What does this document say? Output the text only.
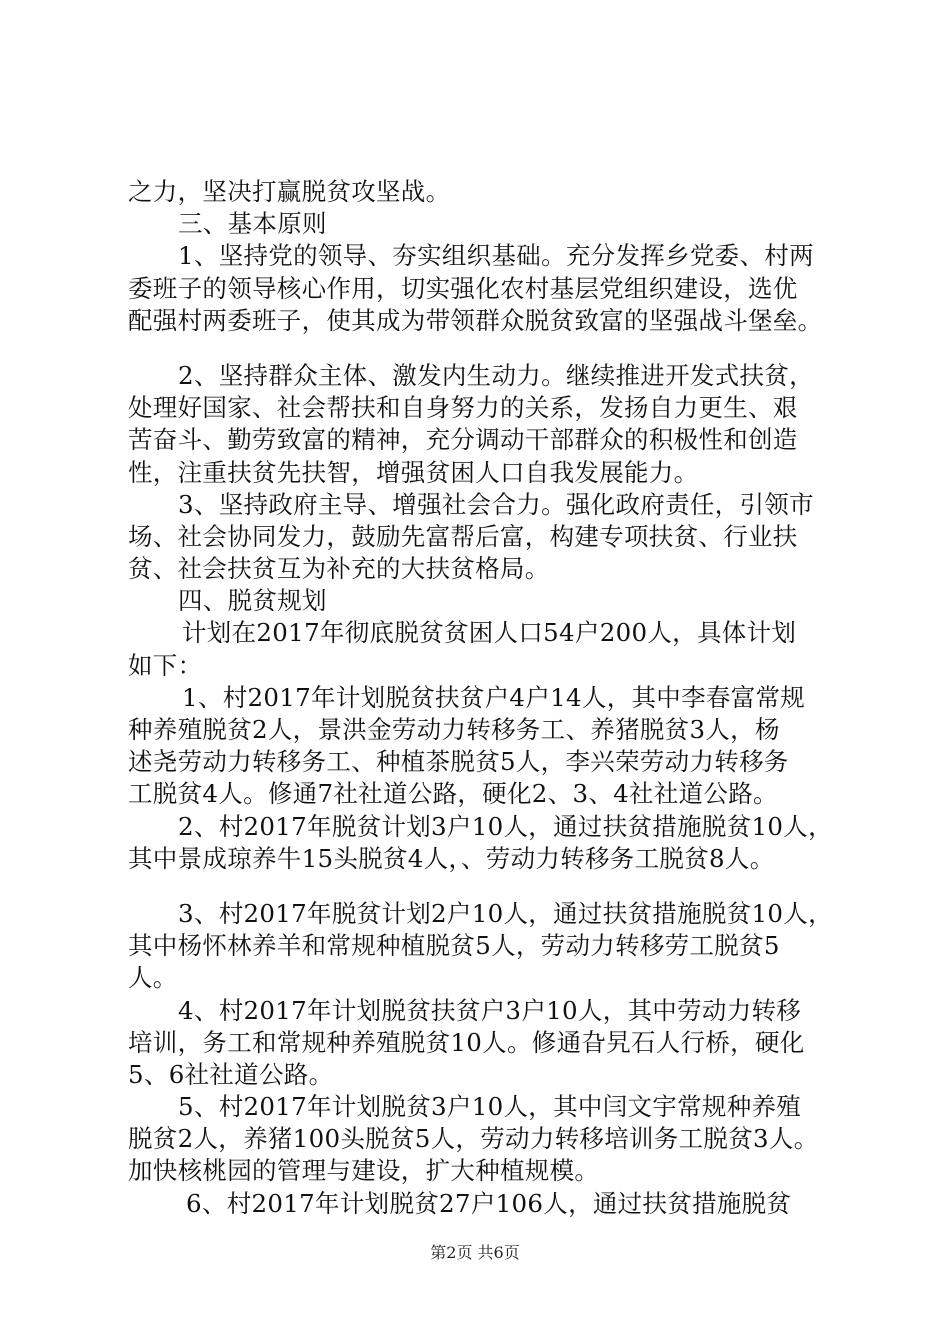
之力，坚决打赢脱贫攻坚战。
三、基本原则
1、坚持党的领导、夯实组织基础。充分发挥乡党委、村两
委班子的领导核心作用，切实强化农村基层党组织建设，选优
配强村两委班子，使其成为带领群众脱贫致富的坚强战斗堡垒。
2、坚持群众主体、激发内生动力。继续推进开发式扶贫，
处理好国家、社会帮扶和自身努力的关系，发扬自力更生、艰
苦奋斗、勤劳致富的精神，充分调动干部群众的积极性和创造
性，注重扶贫先扶智，增强贫困人口自我发展能力。
3、坚持政府主导、增强社会合力。强化政府责任，引领市
场、社会协同发力，鼓励先富帮后富，构建专项扶贫、行业扶
贫、社会扶贫互为补充的大扶贫格局。
四、脱贫规划
计划在2017年彻底脱贫贫困人口54户200人，具体计划
如下：
1、村2017年计划脱贫扶贫户4户14人，其中李春富常规
种养殖脱贫2人，景洪金劳动力转移务工、养猪脱贫3人，杨
述尧劳动力转移务工、种植茶脱贫5人，李兴荣劳动力转移务
工脱贫4人。修通7社社道公路，硬化2、3、4社社道公路。
2、村2017年脱贫计划3户10人，通过扶贫措施脱贫10人，
其中景成琼养牛15头脱贫4人，、劳动力转移务工脱贫8人。
3、村2017年脱贫计划2户10人，通过扶贫措施脱贫10人，
其中杨怀林养羊和常规种植脱贫5人，劳动力转移劳工脱贫5
人。
4、村2017年计划脱贫扶贫户3户10人，其中劳动力转移
培训，务工和常规种养殖脱贫10人。修通旮旯石人行桥，硬化
5、6社社道公路。
5、村2017年计划脱贫3户10人，其中闫文宇常规种养殖
脱贫2人，养猪100头脱贫5人，劳动力转移培训务工脱贫3人。
加快核桃园的管理与建设，扩大种植规模。
6、村2017年计划脱贫27户106人，通过扶贫措施脱贫
第2页 共6页
